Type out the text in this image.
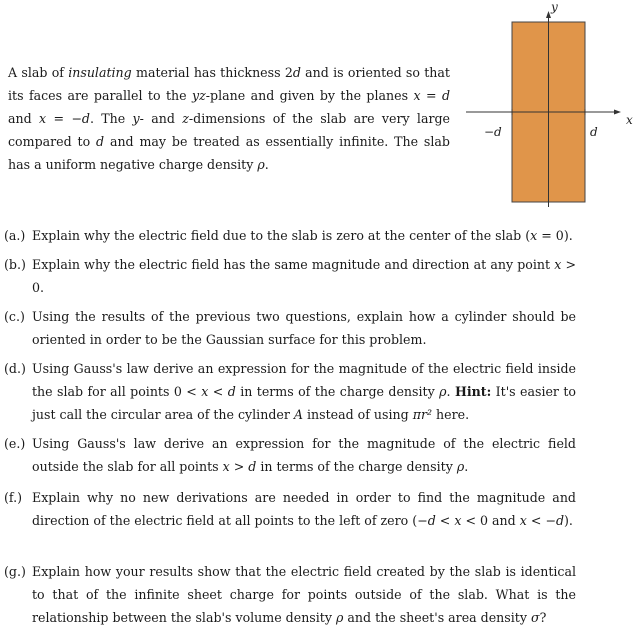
A slab of insulating material has thickness 2d and is oriented so that its faces are parallel to the yz-plane and given by the planes x = d and x = −d. The y- and z-dimensions of the slab are very large compared to d and may be treated as essentially infinite. The slab has a uniform negative charge density ρ.
y
x
−d	d
(a.) Explain why the electric field due to the slab is zero at the center of the slab (x = 0).
(b.) Explain why the electric field has the same magnitude and direction at any point x > 0.
(c.) Using the results of the previous two questions, explain how a cylinder should be oriented in order to be the Gaussian surface for this problem.
(d.) Using Gauss's law derive an expression for the magnitude of the electric field inside the slab for all points 0 < x < d in terms of the charge density ρ. Hint: It's easier to just call the circular area of the cylinder A instead of using πr² here.
(e.) Using Gauss's law derive an expression for the magnitude of the electric field outside the slab for all points x > d in terms of the charge density ρ.
(f.) Explain why no new derivations are needed in order to find the magnitude and direction of the electric field at all points to the left of zero (−d < x < 0 and x < −d).
(g.) Explain how your results show that the electric field created by the slab is identical to that of the infinite sheet charge for points outside of the slab. What is the relationship between the slab's volume density ρ and the sheet's area density σ?
